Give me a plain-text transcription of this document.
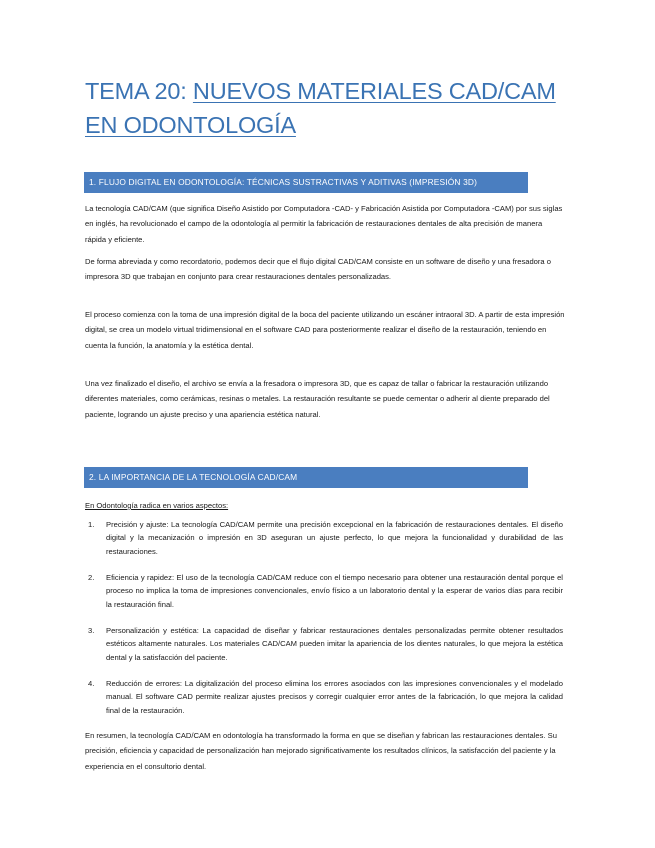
TEMA 20: NUEVOS MATERIALES CAD/CAM EN ODONTOLOGÍA
1. FLUJO DIGITAL EN ODONTOLOGÍA: TÉCNICAS SUSTRACTIVAS Y ADITIVAS (IMPRESIÓN 3D)

La tecnología CAD/CAM (que significa Diseño Asistido por Computadora -CAD- y Fabricación Asistida por Computadora -CAM) por sus siglas en inglés, ha revolucionado el campo de la odontología al permitir la fabricación de restauraciones dentales de alta precisión de manera rápida y eficiente.

De forma abreviada y como recordatorio, podemos decir que el flujo digital CAD/CAM consiste en un software de diseño y una fresadora o impresora 3D que trabajan en conjunto para crear restauraciones dentales personalizadas.

El proceso comienza con la toma de una impresión digital de la boca del paciente utilizando un escáner intraoral 3D. A partir de esta impresión digital, se crea un modelo virtual tridimensional en el software CAD para posteriormente realizar el diseño de la restauración, teniendo en cuenta la función, la anatomía y la estética dental.

Una vez finalizado el diseño, el archivo se envía a la fresadora o impresora 3D, que es capaz de tallar o fabricar la restauración utilizando diferentes materiales, como cerámicas, resinas o metales. La restauración resultante se puede cementar o adherir al diente preparado del paciente, logrando un ajuste preciso y una apariencia estética natural.

2. LA IMPORTANCIA DE LA TECNOLOGÍA CAD/CAM

En Odontología radica en varios aspectos:

1. Precisión y ajuste: La tecnología CAD/CAM permite una precisión excepcional en la fabricación de restauraciones dentales. El diseño digital y la mecanización o impresión en 3D aseguran un ajuste perfecto, lo que mejora la funcionalidad y durabilidad de las restauraciones.
2. Eficiencia y rapidez: El uso de la tecnología CAD/CAM reduce con el tiempo necesario para obtener una restauración dental porque el proceso no implica la toma de impresiones convencionales, envío físico a un laboratorio dental y la esperar de varios días para recibir la restauración final.
3. Personalización y estética: La capacidad de diseñar y fabricar restauraciones dentales personalizadas permite obtener resultados estéticos altamente naturales. Los materiales CAD/CAM pueden imitar la apariencia de los dientes naturales, lo que mejora la estética dental y la satisfacción del paciente.
4. Reducción de errores: La digitalización del proceso elimina los errores asociados con las impresiones convencionales y el modelado manual. El software CAD permite realizar ajustes precisos y corregir cualquier error antes de la fabricación, lo que mejora la calidad final de la restauración.

En resumen, la tecnología CAD/CAM en odontología ha transformado la forma en que se diseñan y fabrican las restauraciones dentales. Su precisión, eficiencia y capacidad de personalización han mejorado significativamente los resultados clínicos, la satisfacción del paciente y la experiencia en el consultorio dental.
